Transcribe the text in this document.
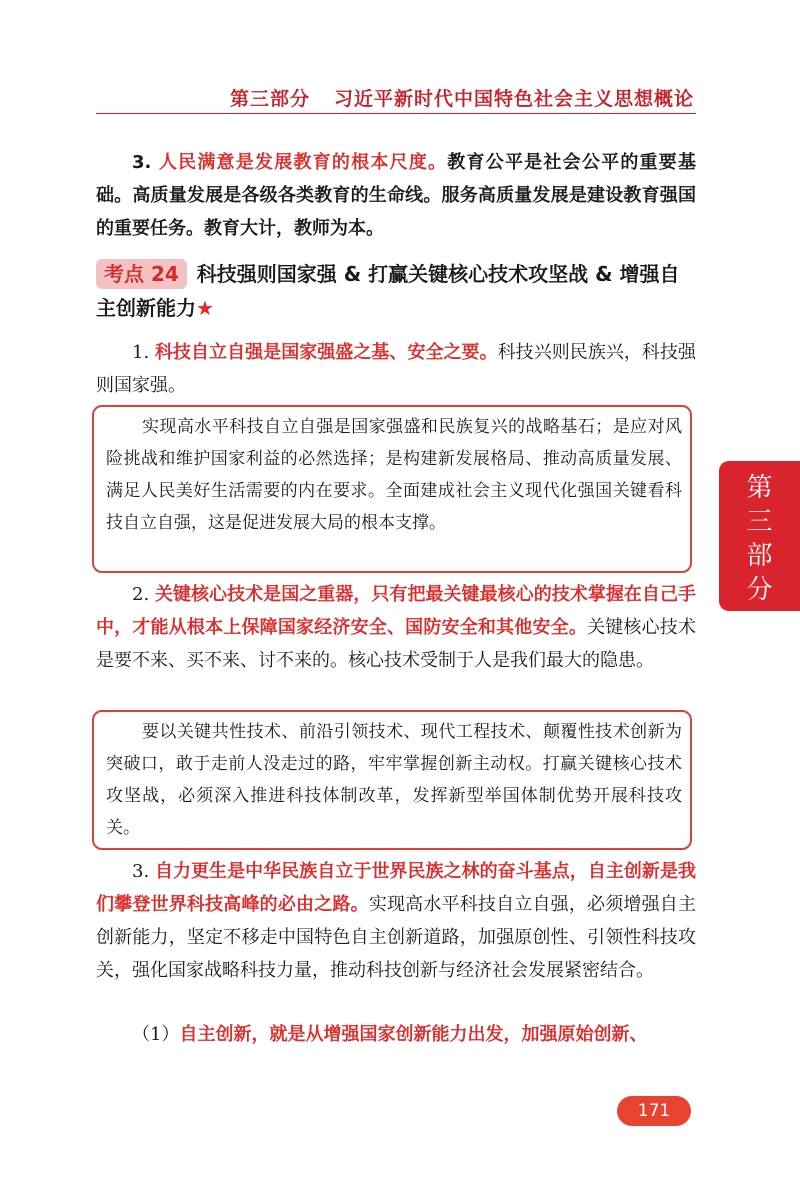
第三部分 习近平新时代中国特色社会主义思想概论

3. 人民满意是发展教育的根本尺度。教育公平是社会公平的重要基础。高质量发展是各级各类教育的生命线。服务高质量发展是建设教育强国的重要任务。教育大计，教师为本。

考点 24 科技强则国家强 & 打赢关键核心技术攻坚战 & 增强自主创新能力★

1. 科技自立自强是国家强盛之基、安全之要。科技兴则民族兴，科技强则国家强。

实现高水平科技自立自强是国家强盛和民族复兴的战略基石；是应对风险挑战和维护国家利益的必然选择；是构建新发展格局、推动高质量发展、满足人民美好生活需要的内在要求。全面建成社会主义现代化强国关键看科技自立自强，这是促进发展大局的根本支撑。

2. 关键核心技术是国之重器，只有把最关键最核心的技术掌握在自己手中，才能从根本上保障国家经济安全、国防安全和其他安全。关键核心技术是要不来、买不来、讨不来的。核心技术受制于人是我们最大的隐患。

要以关键共性技术、前沿引领技术、现代工程技术、颠覆性技术创新为突破口，敢于走前人没走过的路，牢牢掌握创新主动权。打赢关键核心技术攻坚战，必须深入推进科技体制改革，发挥新型举国体制优势开展科技攻关。

3. 自力更生是中华民族自立于世界民族之林的奋斗基点，自主创新是我们攀登世界科技高峰的必由之路。实现高水平科技自立自强，必须增强自主创新能力，坚定不移走中国特色自主创新道路，加强原创性、引领性科技攻关，强化国家战略科技力量，推动科技创新与经济社会发展紧密结合。

（1）自主创新，就是从增强国家创新能力出发，加强原始创新、

第
三
部
分
171
